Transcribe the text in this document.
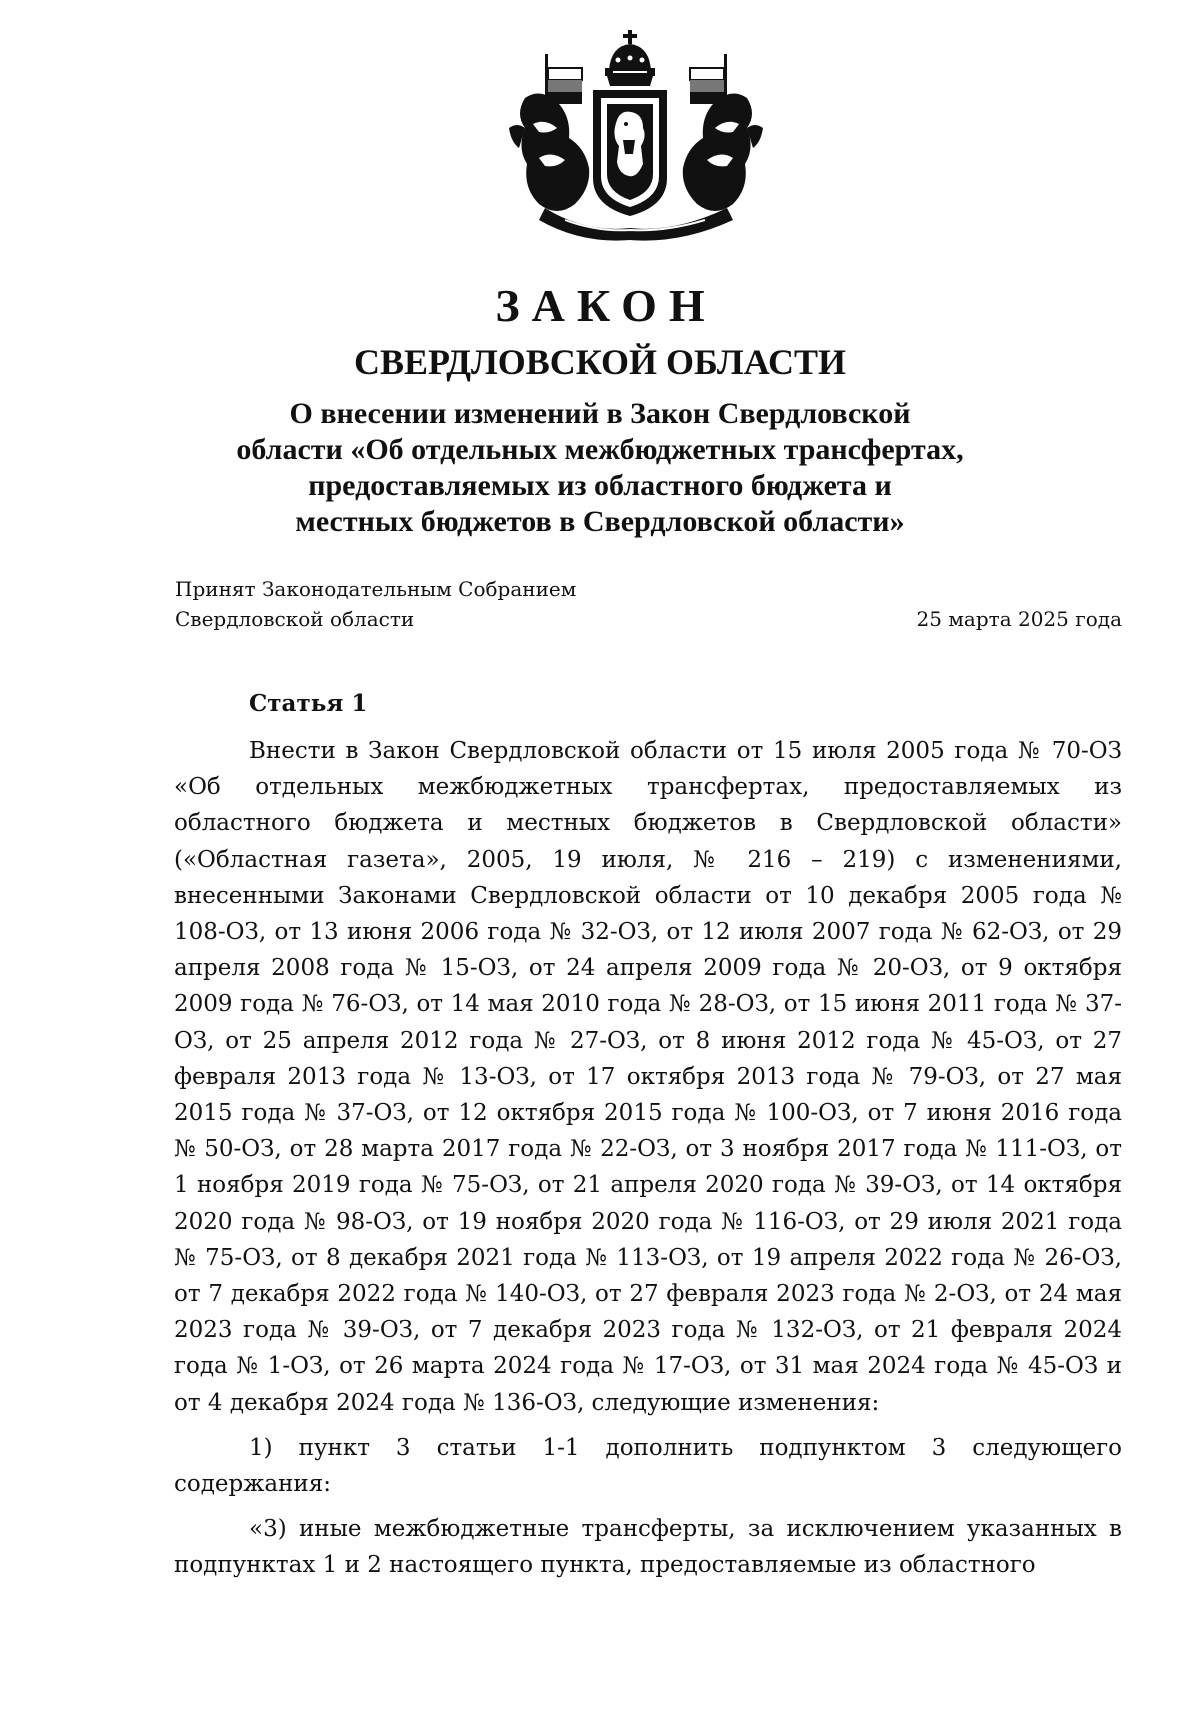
ЗАКОН
СВЕРДЛОВСКОЙ ОБЛАСТИ
О внесении изменений в Закон Свердловской
области «Об отдельных межбюджетных трансфертах,
предоставляемых из областного бюджета и
местных бюджетов в Свердловской области»
Принят Законодательным Собранием
Свердловской области	25 марта 2025 года
Статья 1

Внести в Закон Свердловской области от 15 июля 2005 года № 70-ОЗ «Об отдельных межбюджетных трансфертах, предоставляемых из областного бюджета и местных бюджетов в Свердловской области» («Областная газета», 2005, 19 июля, № 216 – 219) с изменениями, внесенными Законами Свердловской области от 10 декабря 2005 года № 108-ОЗ, от 13 июня 2006 года № 32-ОЗ, от 12 июля 2007 года № 62-ОЗ, от 29 апреля 2008 года № 15-ОЗ, от 24 апреля 2009 года № 20-ОЗ, от 9 октября 2009 года № 76-ОЗ, от 14 мая 2010 года № 28-ОЗ, от 15 июня 2011 года № 37-ОЗ, от 25 апреля 2012 года № 27-ОЗ, от 8 июня 2012 года № 45-ОЗ, от 27 февраля 2013 года № 13-ОЗ, от 17 октября 2013 года № 79-ОЗ, от 27 мая 2015 года № 37-ОЗ, от 12 октября 2015 года № 100-ОЗ, от 7 июня 2016 года № 50-ОЗ, от 28 марта 2017 года № 22-ОЗ, от 3 ноября 2017 года № 111-ОЗ, от 1 ноября 2019 года № 75-ОЗ, от 21 апреля 2020 года № 39-ОЗ, от 14 октября 2020 года № 98-ОЗ, от 19 ноября 2020 года № 116-ОЗ, от 29 июля 2021 года № 75-ОЗ, от 8 декабря 2021 года № 113-ОЗ, от 19 апреля 2022 года № 26-ОЗ, от 7 декабря 2022 года № 140-ОЗ, от 27 февраля 2023 года № 2-ОЗ, от 24 мая 2023 года № 39-ОЗ, от 7 декабря 2023 года № 132-ОЗ, от 21 февраля 2024 года № 1-ОЗ, от 26 марта 2024 года № 17-ОЗ, от 31 мая 2024 года № 45-ОЗ и от 4 декабря 2024 года № 136-ОЗ, следующие изменения:

1) пункт 3 статьи 1-1 дополнить подпунктом 3 следующего содержания:

«3) иные межбюджетные трансферты, за исключением указанных в подпунктах 1 и 2 настоящего пункта, предоставляемые из областного
